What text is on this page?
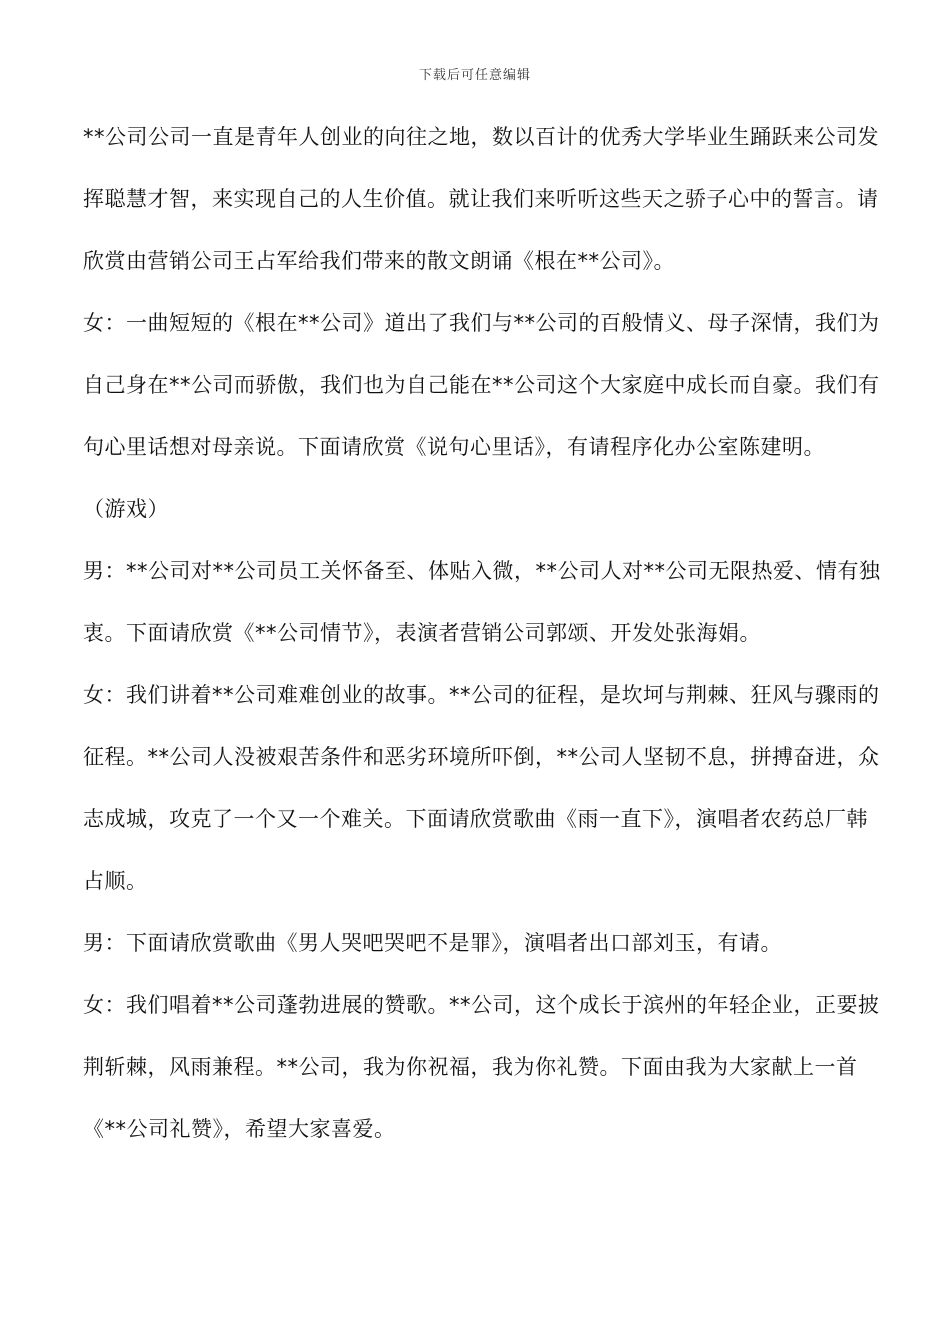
下载后可任意编辑

**公司公司一直是青年人创业的向往之地，数以百计的优秀大学毕业生踊跃来公司发挥聪慧才智，来实现自己的人生价值。就让我们来听听这些天之骄子心中的誓言。请欣赏由营销公司王占军给我们带来的散文朗诵《根在**公司》。

女：一曲短短的《根在**公司》道出了我们与**公司的百般情义、母子深情，我们为自己身在**公司而骄傲，我们也为自己能在**公司这个大家庭中成长而自豪。我们有句心里话想对母亲说。下面请欣赏《说句心里话》，有请程序化办公室陈建明。

（游戏）

男：**公司对**公司员工关怀备至、体贴入微，**公司人对**公司无限热爱、情有独衷。下面请欣赏《**公司情节》，表演者营销公司郭颂、开发处张海娟。

女：我们讲着**公司难难创业的故事。**公司的征程，是坎坷与荆棘、狂风与骤雨的征程。**公司人没被艰苦条件和恶劣环境所吓倒，**公司人坚韧不息，拼搏奋进，众志成城，攻克了一个又一个难关。下面请欣赏歌曲《雨一直下》，演唱者农药总厂韩占顺。

男：下面请欣赏歌曲《男人哭吧哭吧不是罪》，演唱者出口部刘玉，有请。

女：我们唱着**公司蓬勃进展的赞歌。**公司，这个成长于滨州的年轻企业，正要披荆斩棘，风雨兼程。**公司，我为你祝福，我为你礼赞。下面由我为大家献上一首《**公司礼赞》，希望大家喜爱。
